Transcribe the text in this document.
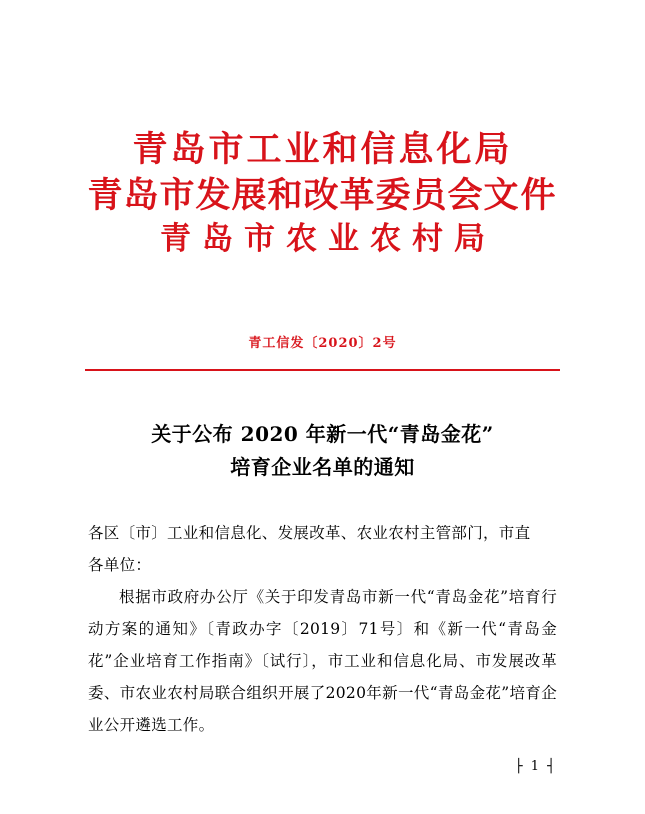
青岛市工业和信息化局
青岛市发展和改革委员会文件
青岛市农业农村局
青工信发〔2020〕2号
关于公布 2020 年新一代“青岛金花”
培育企业名单的通知

各区〔市〕工业和信息化、发展改革、农业农村主管部门，市直

各单位：

根据市政府办公厅《关于印发青岛市新一代“青岛金花”培育行动方案的通知》〔青政办字〔2019〕71号〕和《新一代“青岛金花”企业培育工作指南》〔试行〕，市工业和信息化局、市发展改革委、市农业农村局联合组织开展了2020年新一代“青岛金花”培育企业公开遴选工作。

├ 1 ┤
